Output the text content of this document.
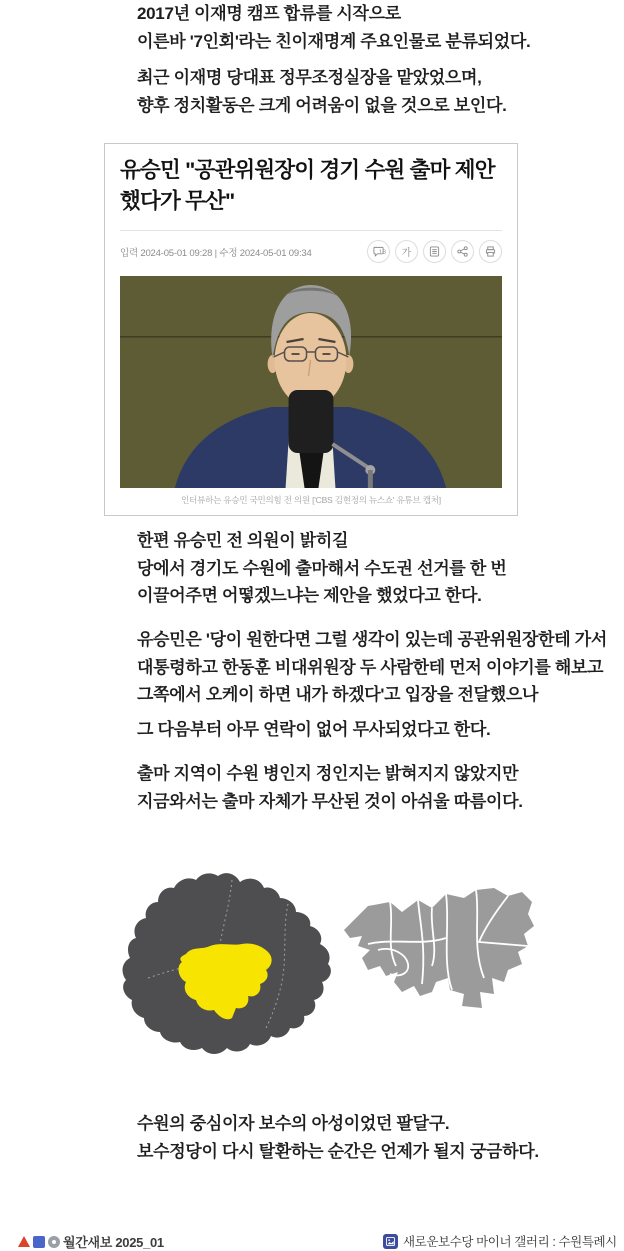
2017년 이재명 캠프 합류를 시작으로
이른바 '7인회'라는 친이재명계 주요인물로 분류되었다.
최근 이재명 당대표 정무조정실장을 맡았었으며,
향후 정치활동은 크게 어려움이 없을 것으로 보인다.
유승민 "공관위원장이 경기 수원 출마 제안했다가 무산"
입력 2024-05-01 09:28 | 수정 2024-05-01 09:34	18 가
인터뷰하는 유승민 국민의힘 전 의원 ['CBS 김현정의 뉴스쇼' 유튜브 캡처]
한편 유승민 전 의원이 밝히길
당에서 경기도 수원에 출마해서 수도권 선거를 한 번
이끌어주면 어떻겠느냐는 제안을 했었다고 한다.
유승민은 '당이 원한다면 그럴 생각이 있는데 공관위원장한테 가서
대통령하고 한동훈 비대위원장 두 사람한테 먼저 이야기를 해보고
그쪽에서 오케이 하면 내가 하겠다'고 입장을 전달했으나
그 다음부터 아무 연락이 없어 무사되었다고 한다.
출마 지역이 수원 병인지 정인지는 밝혀지지 않았지만
지금와서는 출마 자체가 무산된 것이 아쉬울 따름이다.
수원의 중심이자 보수의 아성이었던 팔달구.
보수정당이 다시 탈환하는 순간은 언제가 될지 궁금하다.
월간새보 2025_01	새로운보수당 마이너 갤러리 : 수원특례시
